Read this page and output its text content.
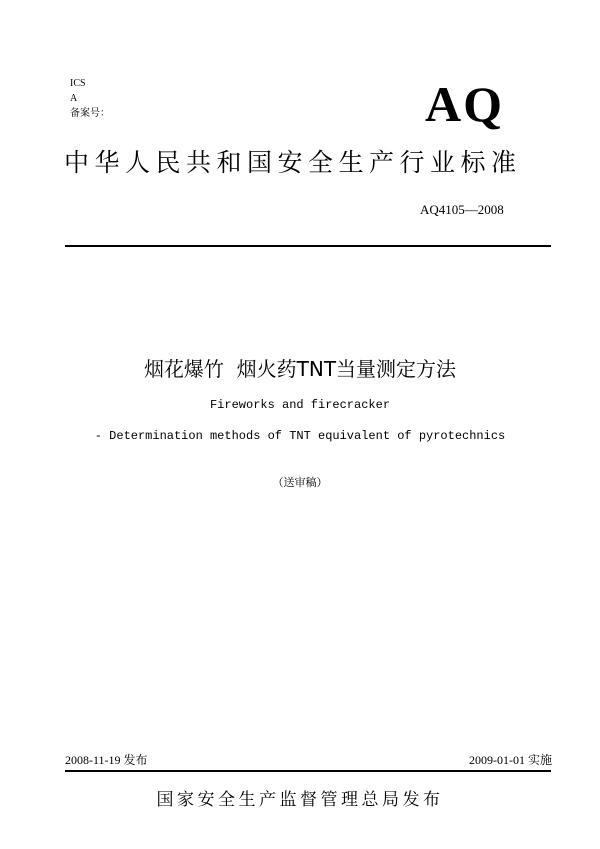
ICS
A
备案号：	AQ
中华人民共和国安全生产行业标准
AQ4105—2008
烟花爆竹  烟火药TNT当量测定方法
Fireworks and firecracker
- Determination methods of TNT equivalent of pyrotechnics
（送审稿）
2008-11-19 发布	2009-01-01 实施
国家安全生产监督管理总局发布
